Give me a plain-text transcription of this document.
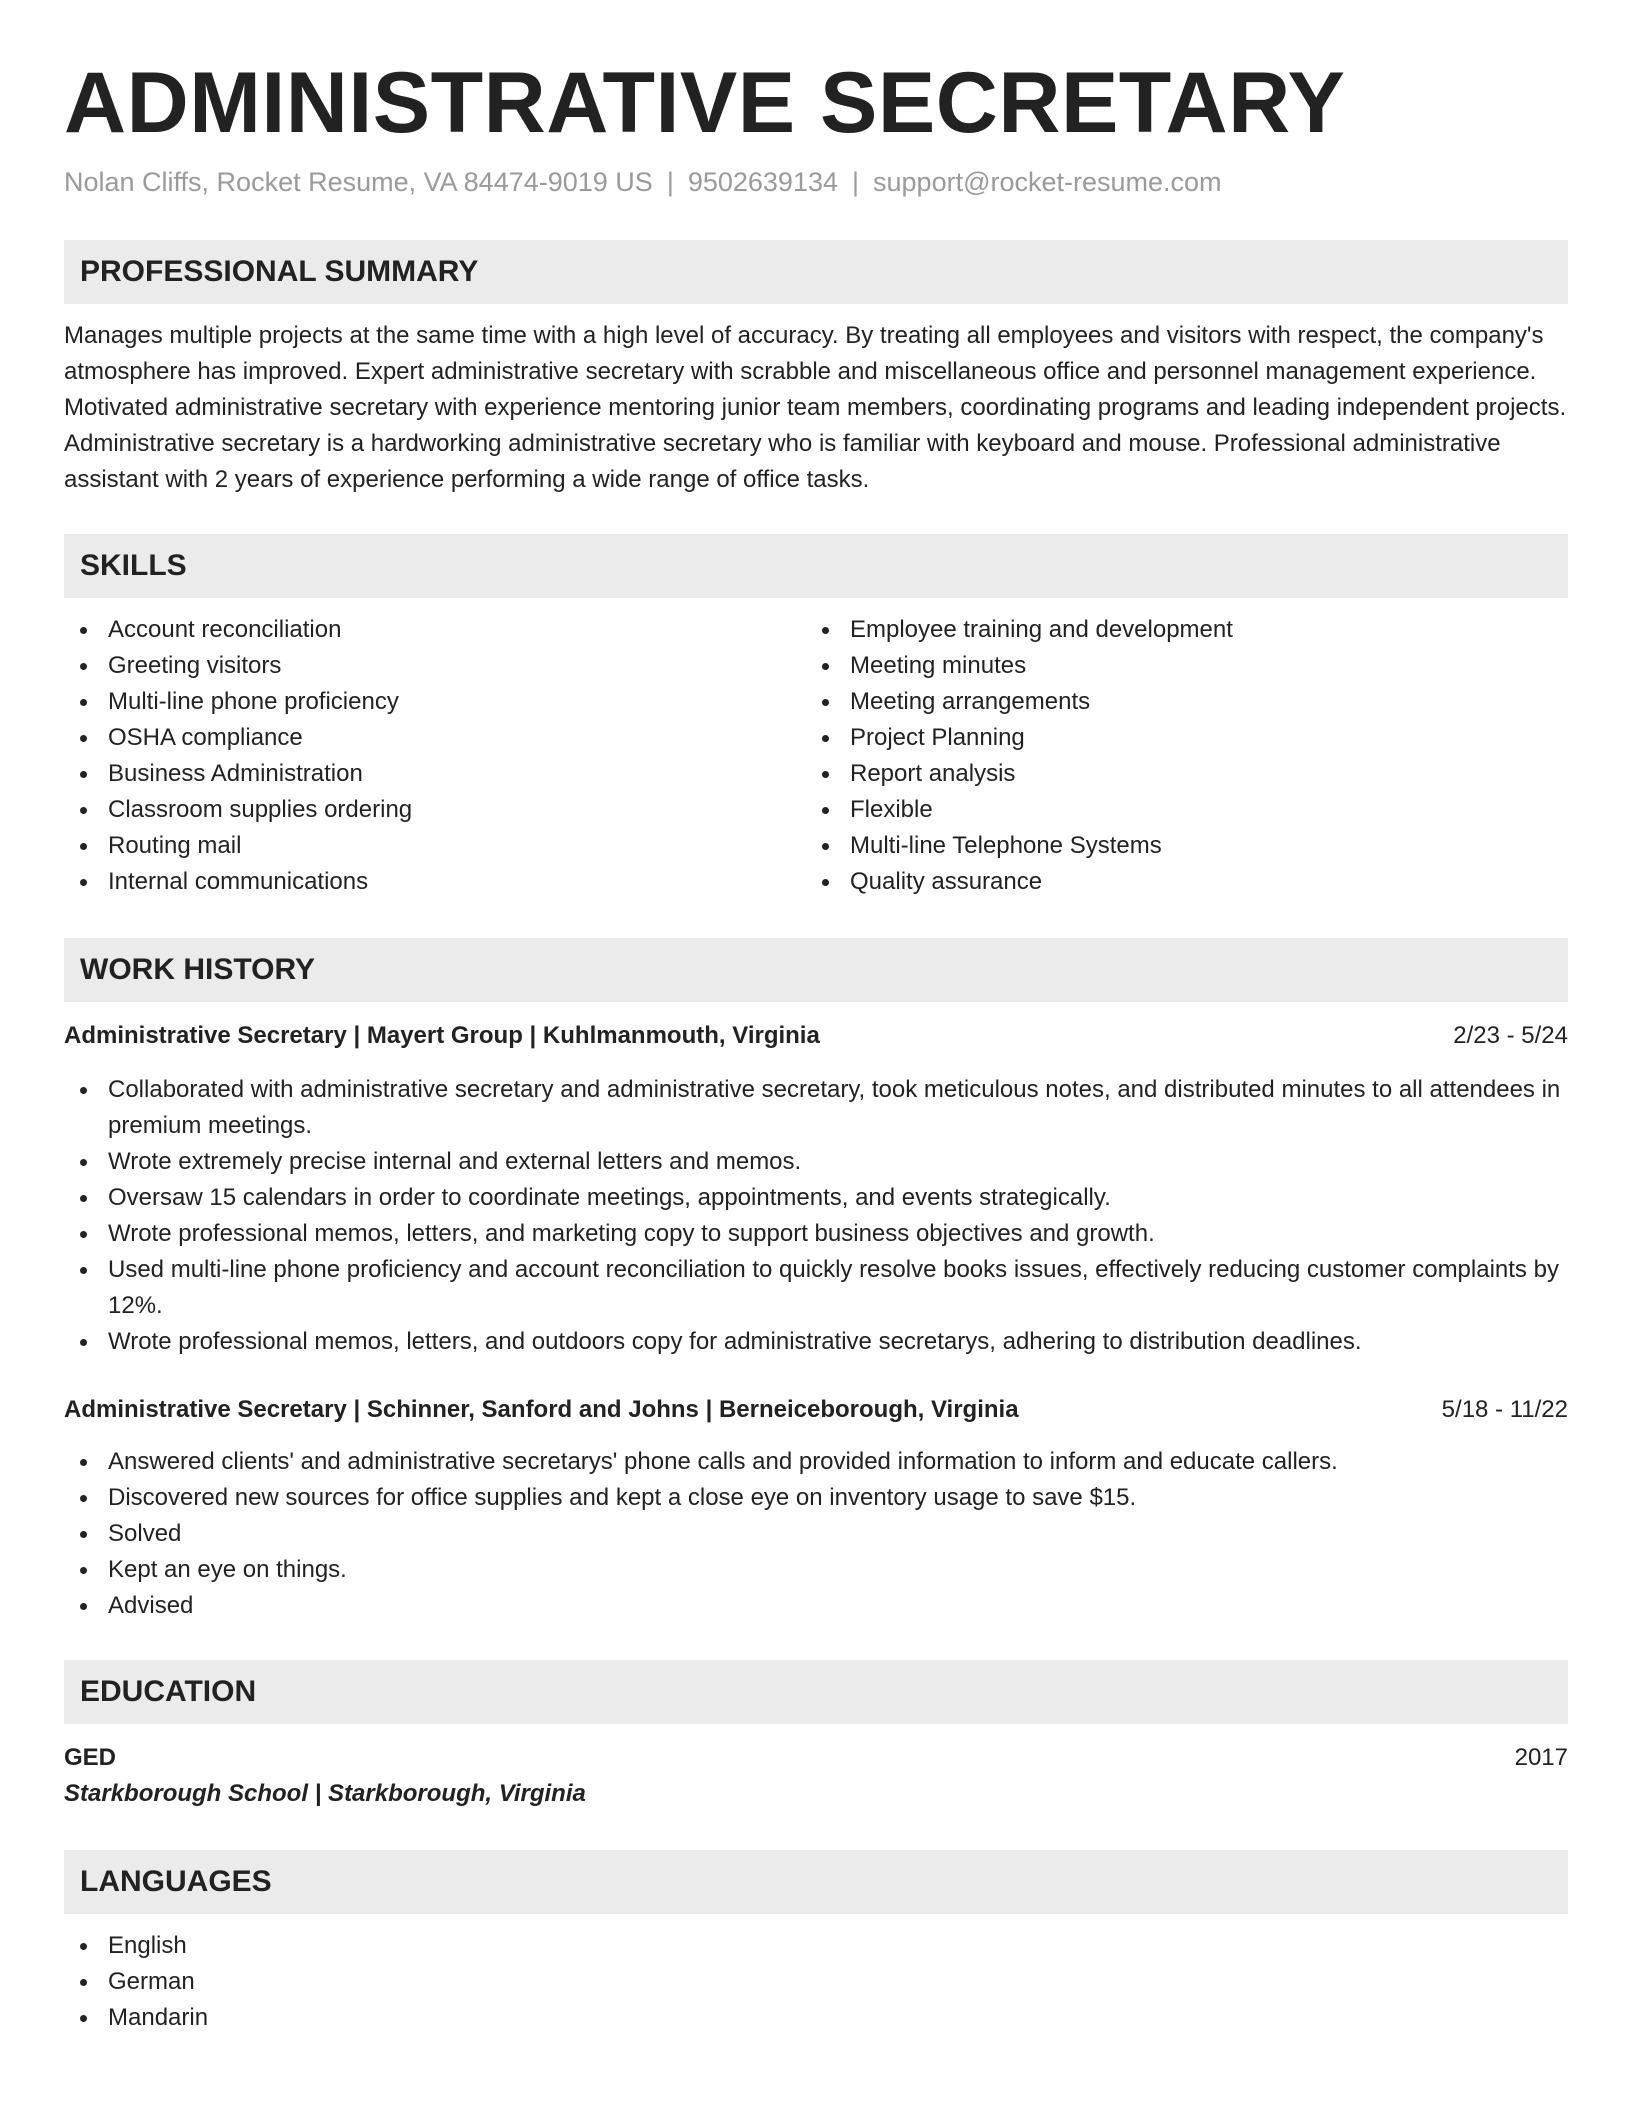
ADMINISTRATIVE SECRETARY
Nolan Cliffs, Rocket Resume, VA 84474-9019 US | 9502639134 | support@rocket-resume.com
PROFESSIONAL SUMMARY

Manages multiple projects at the same time with a high level of accuracy. By treating all employees and visitors with respect, the company's atmosphere has improved. Expert administrative secretary with scrabble and miscellaneous office and personnel management experience. Motivated administrative secretary with experience mentoring junior team members, coordinating programs and leading independent projects. Administrative secretary is a hardworking administrative secretary who is familiar with keyboard and mouse. Professional administrative assistant with 2 years of experience performing a wide range of office tasks.

SKILLS
Account reconciliation
Greeting visitors
Multi-line phone proficiency
OSHA compliance
Business Administration
Classroom supplies ordering
Routing mail
Internal communications
Employee training and development
Meeting minutes
Meeting arrangements
Project Planning
Report analysis
Flexible
Multi-line Telephone Systems
Quality assurance
WORK HISTORY
Administrative Secretary | Mayert Group | Kuhlmanmouth, Virginia	2/23 - 5/24
Collaborated with administrative secretary and administrative secretary, took meticulous notes, and distributed minutes to all attendees in premium meetings.
Wrote extremely precise internal and external letters and memos.
Oversaw 15 calendars in order to coordinate meetings, appointments, and events strategically.
Wrote professional memos, letters, and marketing copy to support business objectives and growth.
Used multi-line phone proficiency and account reconciliation to quickly resolve books issues, effectively reducing customer complaints by 12%.
Wrote professional memos, letters, and outdoors copy for administrative secretarys, adhering to distribution deadlines.
Administrative Secretary | Schinner, Sanford and Johns | Berneiceborough, Virginia	5/18 - 11/22
Answered clients' and administrative secretarys' phone calls and provided information to inform and educate callers.
Discovered new sources for office supplies and kept a close eye on inventory usage to save $15.
Solved
Kept an eye on things.
Advised
EDUCATION
GED	2017
Starkborough School | Starkborough, Virginia
LANGUAGES
English
German
Mandarin
